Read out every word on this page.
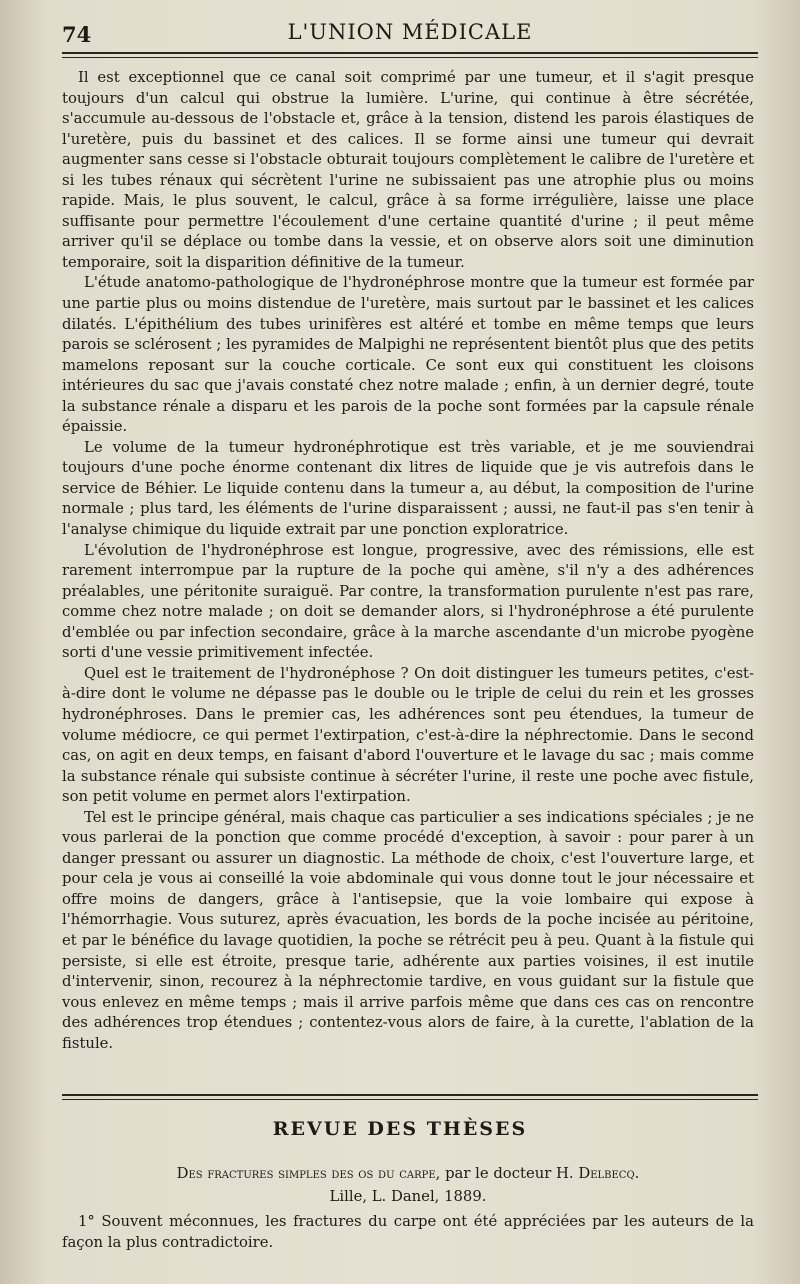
74	L'UNION MÉDICALE

Il est exceptionnel que ce canal soit comprimé par une tumeur, et il s'agit presque toujours d'un calcul qui obstrue la lumière. L'urine, qui continue à être sécrétée, s'accumule au-dessous de l'obstacle et, grâce à la tension, distend les parois élastiques de l'uretère, puis du bassinet et des calices. Il se forme ainsi une tumeur qui devrait augmenter sans cesse si l'obstacle obturait toujours complètement le calibre de l'uretère et si les tubes rénaux qui sécrètent l'urine ne subissaient pas une atrophie plus ou moins rapide. Mais, le plus souvent, le calcul, grâce à sa forme irrégulière, laisse une place suffisante pour permettre l'écoulement d'une certaine quantité d'urine ; il peut même arriver qu'il se déplace ou tombe dans la vessie, et on observe alors soit une diminution temporaire, soit la disparition définitive de la tumeur.

L'étude anatomo-pathologique de l'hydronéphrose montre que la tumeur est formée par une partie plus ou moins distendue de l'uretère, mais surtout par le bassinet et les calices dilatés. L'épithélium des tubes urinifères est altéré et tombe en même temps que leurs parois se sclérosent ; les pyramides de Malpighi ne représentent bientôt plus que des petits mamelons reposant sur la couche corticale. Ce sont eux qui constituent les cloisons intérieures du sac que j'avais constaté chez notre malade ; enfin, à un dernier degré, toute la substance rénale a disparu et les parois de la poche sont formées par la capsule rénale épaissie.

Le volume de la tumeur hydronéphrotique est très variable, et je me souviendrai toujours d'une poche énorme contenant dix litres de liquide que je vis autrefois dans le service de Béhier. Le liquide contenu dans la tumeur a, au début, la composition de l'urine normale ; plus tard, les éléments de l'urine disparaissent ; aussi, ne faut-il pas s'en tenir à l'analyse chimique du liquide extrait par une ponction exploratrice.

L'évolution de l'hydronéphrose est longue, progressive, avec des rémissions, elle est rarement interrompue par la rupture de la poche qui amène, s'il n'y a des adhérences préalables, une péritonite suraiguë. Par contre, la transformation purulente n'est pas rare, comme chez notre malade ; on doit se demander alors, si l'hydronéphrose a été purulente d'emblée ou par infection secondaire, grâce à la marche ascendante d'un microbe pyogène sorti d'une vessie primitivement infectée.

Quel est le traitement de l'hydronéphose ? On doit distinguer les tumeurs petites, c'est-à-dire dont le volume ne dépasse pas le double ou le triple de celui du rein et les grosses hydronéphroses. Dans le premier cas, les adhérences sont peu étendues, la tumeur de volume médiocre, ce qui permet l'extirpation, c'est-à-dire la néphrectomie. Dans le second cas, on agit en deux temps, en faisant d'abord l'ouverture et le lavage du sac ; mais comme la substance rénale qui subsiste continue à sécréter l'urine, il reste une poche avec fistule, son petit volume en permet alors l'extirpation.

Tel est le principe général, mais chaque cas particulier a ses indications spéciales ; je ne vous parlerai de la ponction que comme procédé d'exception, à savoir : pour parer à un danger pressant ou assurer un diagnostic. La méthode de choix, c'est l'ouverture large, et pour cela je vous ai conseillé la voie abdominale qui vous donne tout le jour nécessaire et offre moins de dangers, grâce à l'antisepsie, que la voie lombaire qui expose à l'hémorrhagie. Vous suturez, après évacuation, les bords de la poche incisée au péritoine, et par le bénéfice du lavage quotidien, la poche se rétrécit peu à peu. Quant à la fistule qui persiste, si elle est étroite, presque tarie, adhérente aux parties voisines, il est inutile d'intervenir, sinon, recourez à la néphrectomie tardive, en vous guidant sur la fistule que vous enlevez en même temps ; mais il arrive parfois même que dans ces cas on rencontre des adhérences trop étendues ; contentez-vous alors de faire, à la curette, l'ablation de la fistule.

REVUE DES THÈSES
Des fractures simples des os du carpe, par le docteur H. Delbecq.
Lille, L. Danel, 1889.
1° Souvent méconnues, les fractures du carpe ont été appréciées par les auteurs de la façon la plus contradictoire.
